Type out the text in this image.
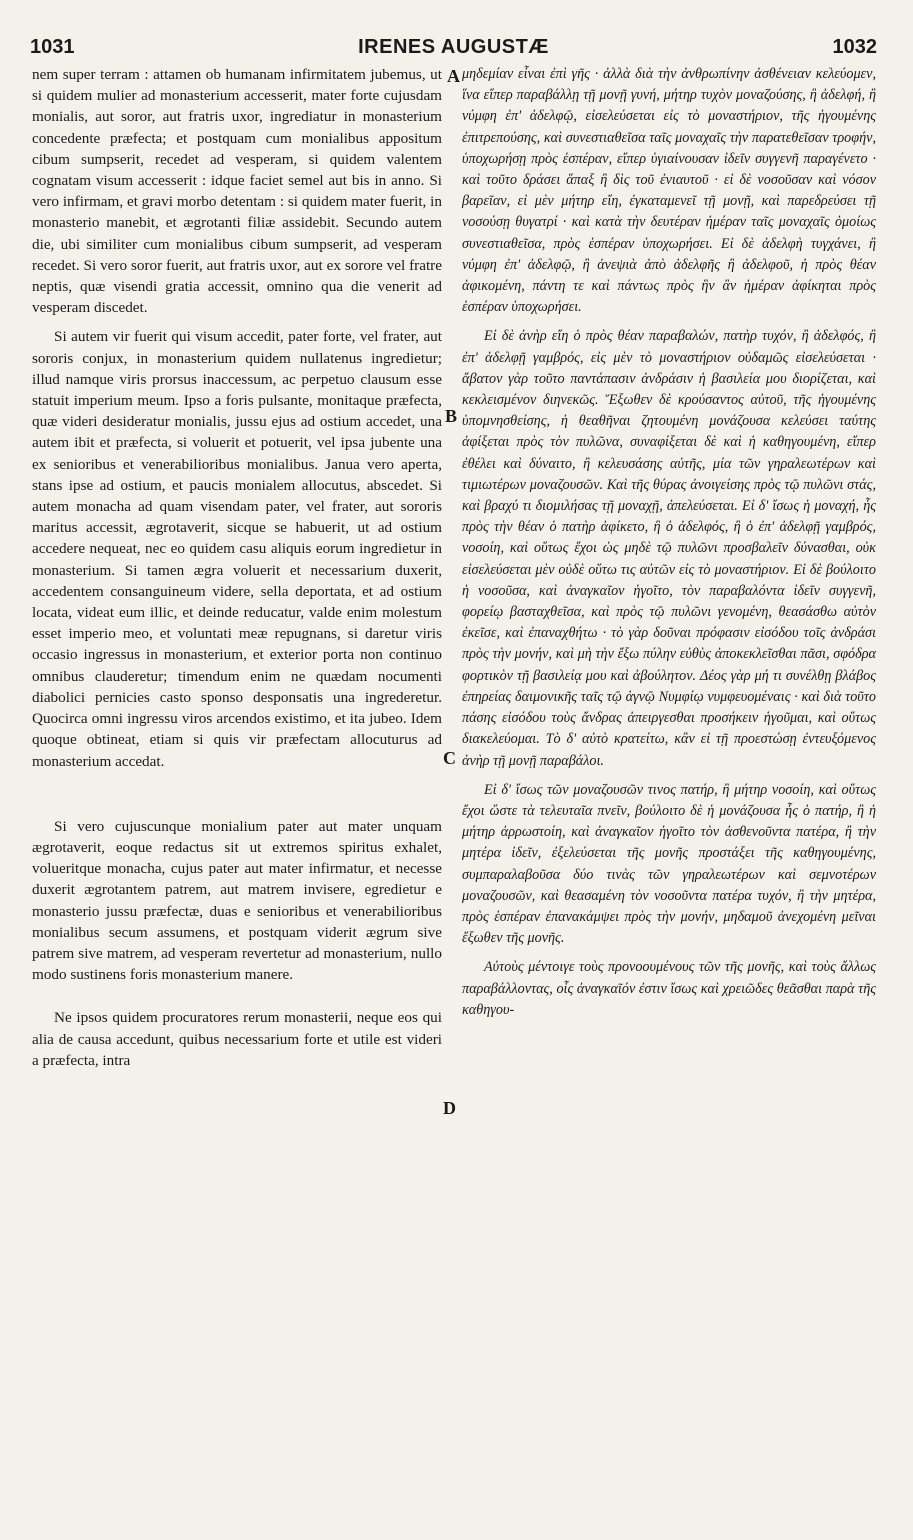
1031	IRENES AUGUSTÆ	1032
A
B
C
D

nem super terram : attamen ob humanam infirmitatem jubemus, ut si quidem mulier ad monasterium accesserit, mater forte cujusdam monialis, aut soror, aut fratris uxor, ingrediatur in monasterium concedente præfecta; et postquam cum monialibus appositum cibum sumpserit, recedet ad vesperam, si quidem valentem cognatam visum accesserit : idque faciet semel aut bis in anno. Si vero infirmam, et gravi morbo detentam : si quidem mater fuerit, in monasterio manebit, et ægrotanti filiæ assidebit. Secundo autem die, ubi similiter cum monialibus cibum sumpserit, ad vesperam recedet. Si vero soror fuerit, aut fratris uxor, aut ex sorore vel fratre neptis, quæ visendi gratia accessit, omnino qua die venerit ad vesperam discedet.

Si autem vir fuerit qui visum accedit, pater forte, vel frater, aut sororis conjux, in monasterium quidem nullatenus ingredietur; illud namque viris prorsus inaccessum, ac perpetuo clausum esse statuit imperium meum. Ipso a foris pulsante, monitaque præfecta, quæ videri desideratur monialis, jussu ejus ad ostium accedet, una autem ibit et præfecta, si voluerit et potuerit, vel ipsa jubente una ex senioribus et venerabilioribus monialibus. Janua vero aperta, stans ipse ad ostium, et paucis monialem allocutus, abscedet. Si autem monacha ad quam visendam pater, vel frater, aut sororis maritus accessit, ægrotaverit, sicque se habuerit, ut ad ostium accedere nequeat, nec eo quidem casu aliquis eorum ingredietur in monasterium. Si tamen ægra voluerit et necessarium duxerit, accedentem consanguineum videre, sella deportata, et ad ostium locata, videat eum illic, et deinde reducatur, valde enim molestum esset imperio meo, et voluntati meæ repugnans, si daretur viris occasio ingressus in monasterium, et exterior porta non continuo omnibus clauderetur; timendum enim ne quædam nocumenti diabolici pernicies casto sponso desponsatis una ingrederetur. Quocirca omni ingressu viros arcendos existimo, et ita jubeo. Idem quoque obtineat, etiam si quis vir præfectam allocuturus ad monasterium accedat.

Si vero cujuscunque monialium pater aut mater unquam ægrotaverit, eoque redactus sit ut extremos spiritus exhalet, volueritque monacha, cujus pater aut mater infirmatur, et necesse duxerit ægrotantem patrem, aut matrem invisere, egredietur e monasterio jussu præfectæ, duas e senioribus et venerabilioribus monialibus secum assumens, et postquam viderit ægrum sive patrem sive matrem, ad vesperam revertetur ad monasterium, nullo modo sustinens foris monasterium manere.

Ne ipsos quidem procuratores rerum monasterii, neque eos qui alia de causa accedunt, quibus necessarium forte et utile est videri a præfecta, intra

μηδεμίαν εἶναι ἐπὶ γῆς · ἀλλὰ διὰ τὴν ἀνθρωπίνην ἀσθένειαν κελεύομεν, ἵνα εἴπερ παραβάλλῃ τῇ μονῇ γυνή, μήτηρ τυχὸν μοναζούσης, ἢ ἀδελφή, ἢ νύμφη ἐπ' ἀδελφῷ, εἰσελεύσεται εἰς τὸ μοναστήριον, τῆς ἡγουμένης ἐπιτρεπούσης, καὶ συνεστιαθεῖσα ταῖς μοναχαῖς τὴν παρατεθεῖσαν τροφήν, ὑποχωρήσῃ πρὸς ἑσπέραν, εἴπερ ὑγιαίνουσαν ἰδεῖν συγγενῆ παραγένετο · καὶ τοῦτο δράσει ἅπαξ ἢ δὶς τοῦ ἐνιαυτοῦ · εἰ δὲ νοσοῦσαν καὶ νόσον βαρεῖαν, εἰ μὲν μήτηρ εἴη, ἐγκαταμενεῖ τῇ μονῇ, καὶ παρεδρεύσει τῇ νοσούσῃ θυγατρί · καὶ κατὰ τὴν δευτέραν ἡμέραν ταῖς μοναχαῖς ὁμοίως συνεστιαθεῖσα, πρὸς ἑσπέραν ὑποχωρήσει. Εἰ δὲ ἀδελφὴ τυγχάνει, ἢ νύμφη ἐπ' ἀδελφῷ, ἢ ἀνεψιὰ ἀπὸ ἀδελφῆς ἢ ἀδελφοῦ, ἡ πρὸς θέαν ἀφικομένη, πάντη τε καὶ πάντως πρὸς ἣν ἂν ἡμέραν ἀφίκηται πρὸς ἑσπέραν ὑποχωρήσει.

Εἰ δὲ ἀνὴρ εἴη ὁ πρὸς θέαν παραβαλών, πατὴρ τυχόν, ἢ ἀδελφός, ἢ ἐπ' ἀδελφῇ γαμβρός, εἰς μὲν τὸ μοναστήριον οὐδαμῶς εἰσελεύσεται · ἄβατον γὰρ τοῦτο παντάπασιν ἀνδράσιν ἡ βασιλεία μου διορίζεται, καὶ κεκλεισμένον διηνεκῶς. Ἔξωθεν δὲ κρούσαντος αὐτοῦ, τῆς ἡγουμένης ὑπομνησθείσης, ἡ θεαθῆναι ζητουμένη μονάζουσα κελεύσει ταύτης ἀφίξεται πρὸς τὸν πυλῶνα, συναφίξεται δὲ καὶ ἡ καθηγουμένη, εἴπερ ἐθέλει καὶ δύναιτο, ἢ κελευσάσης αὐτῆς, μία τῶν γηραλεωτέρων καὶ τιμιωτέρων μοναζουσῶν. Καὶ τῆς θύρας ἀνοιγείσης πρὸς τῷ πυλῶνι στάς, καὶ βραχύ τι διομιλήσας τῇ μοναχῇ, ἀπελεύσεται. Εἰ δ' ἴσως ἡ μοναχή, ἧς πρὸς τὴν θέαν ὁ πατὴρ ἀφίκετο, ἢ ὁ ἀδελφός, ἢ ὁ ἐπ' ἀδελφῇ γαμβρός, νοσοίη, καὶ οὕτως ἔχοι ὡς μηδὲ τῷ πυλῶνι προσβαλεῖν δύνασθαι, οὐκ εἰσελεύσεται μὲν οὐδὲ οὕτω τις αὐτῶν εἰς τὸ μοναστήριον. Εἰ δὲ βούλοιτο ἡ νοσοῦσα, καὶ ἀναγκαῖον ἡγοῖτο, τὸν παραβαλόντα ἰδεῖν συγγενῆ, φορείῳ βασταχθεῖσα, καὶ πρὸς τῷ πυλῶνι γενομένη, θεασάσθω αὐτὸν ἐκεῖσε, καὶ ἐπαναχθήτω · τὸ γὰρ δοῦναι πρόφασιν εἰσόδου τοῖς ἀνδράσι πρὸς τὴν μονήν, καὶ μὴ τὴν ἔξω πύλην εὐθὺς ἀποκεκλεῖσθαι πᾶσι, σφόδρα φορτικὸν τῇ βασιλείᾳ μου καὶ ἀβούλητον. Δέος γὰρ μή τι συνέλθῃ βλάβος ἐπηρείας δαιμονικῆς ταῖς τῷ ἁγνῷ Νυμφίῳ νυμφευομέναις · καὶ διὰ τοῦτο πάσης εἰσόδου τοὺς ἄνδρας ἀπειργεσθαι προσήκειν ἡγοῦμαι, καὶ οὕτως διακελεύομαι. Τὸ δ' αὐτὸ κρατείτω, κἂν εἰ τῇ προεστώσῃ ἐντευξόμενος ἀνὴρ τῇ μονῇ παραβάλοι.

Εἰ δ' ἴσως τῶν μοναζουσῶν τινος πατήρ, ἢ μήτηρ νοσοίη, καὶ οὕτως ἔχοι ὥστε τὰ τελευταῖα πνεῖν, βούλοιτο δὲ ἡ μονάζουσα ἧς ὁ πατήρ, ἢ ἡ μήτηρ ἀρρωστοίη, καὶ ἀναγκαῖον ἡγοῖτο τὸν ἀσθενοῦντα πατέρα, ἢ τὴν μητέρα ἰδεῖν, ἐξελεύσεται τῆς μονῆς προστάξει τῆς καθηγουμένης, συμπαραλαβοῦσα δύο τινὰς τῶν γηραλεωτέρων καὶ σεμνοτέρων μοναζουσῶν, καὶ θεασαμένη τὸν νοσοῦντα πατέρα τυχόν, ἢ τὴν μητέρα, πρὸς ἑσπέραν ἐπανακάμψει πρὸς τὴν μονήν, μηδαμοῦ ἀνεχομένη μεῖναι ἔξωθεν τῆς μονῆς.

Αὐτοὺς μέντοιγε τοὺς προνοουμένους τῶν τῆς μονῆς, καὶ τοὺς ἄλλως παραβάλλοντας, οἷς ἀναγκαῖόν ἐστιν ἴσως καὶ χρειῶδες θεᾶσθαι παρὰ τῆς καθηγου-
